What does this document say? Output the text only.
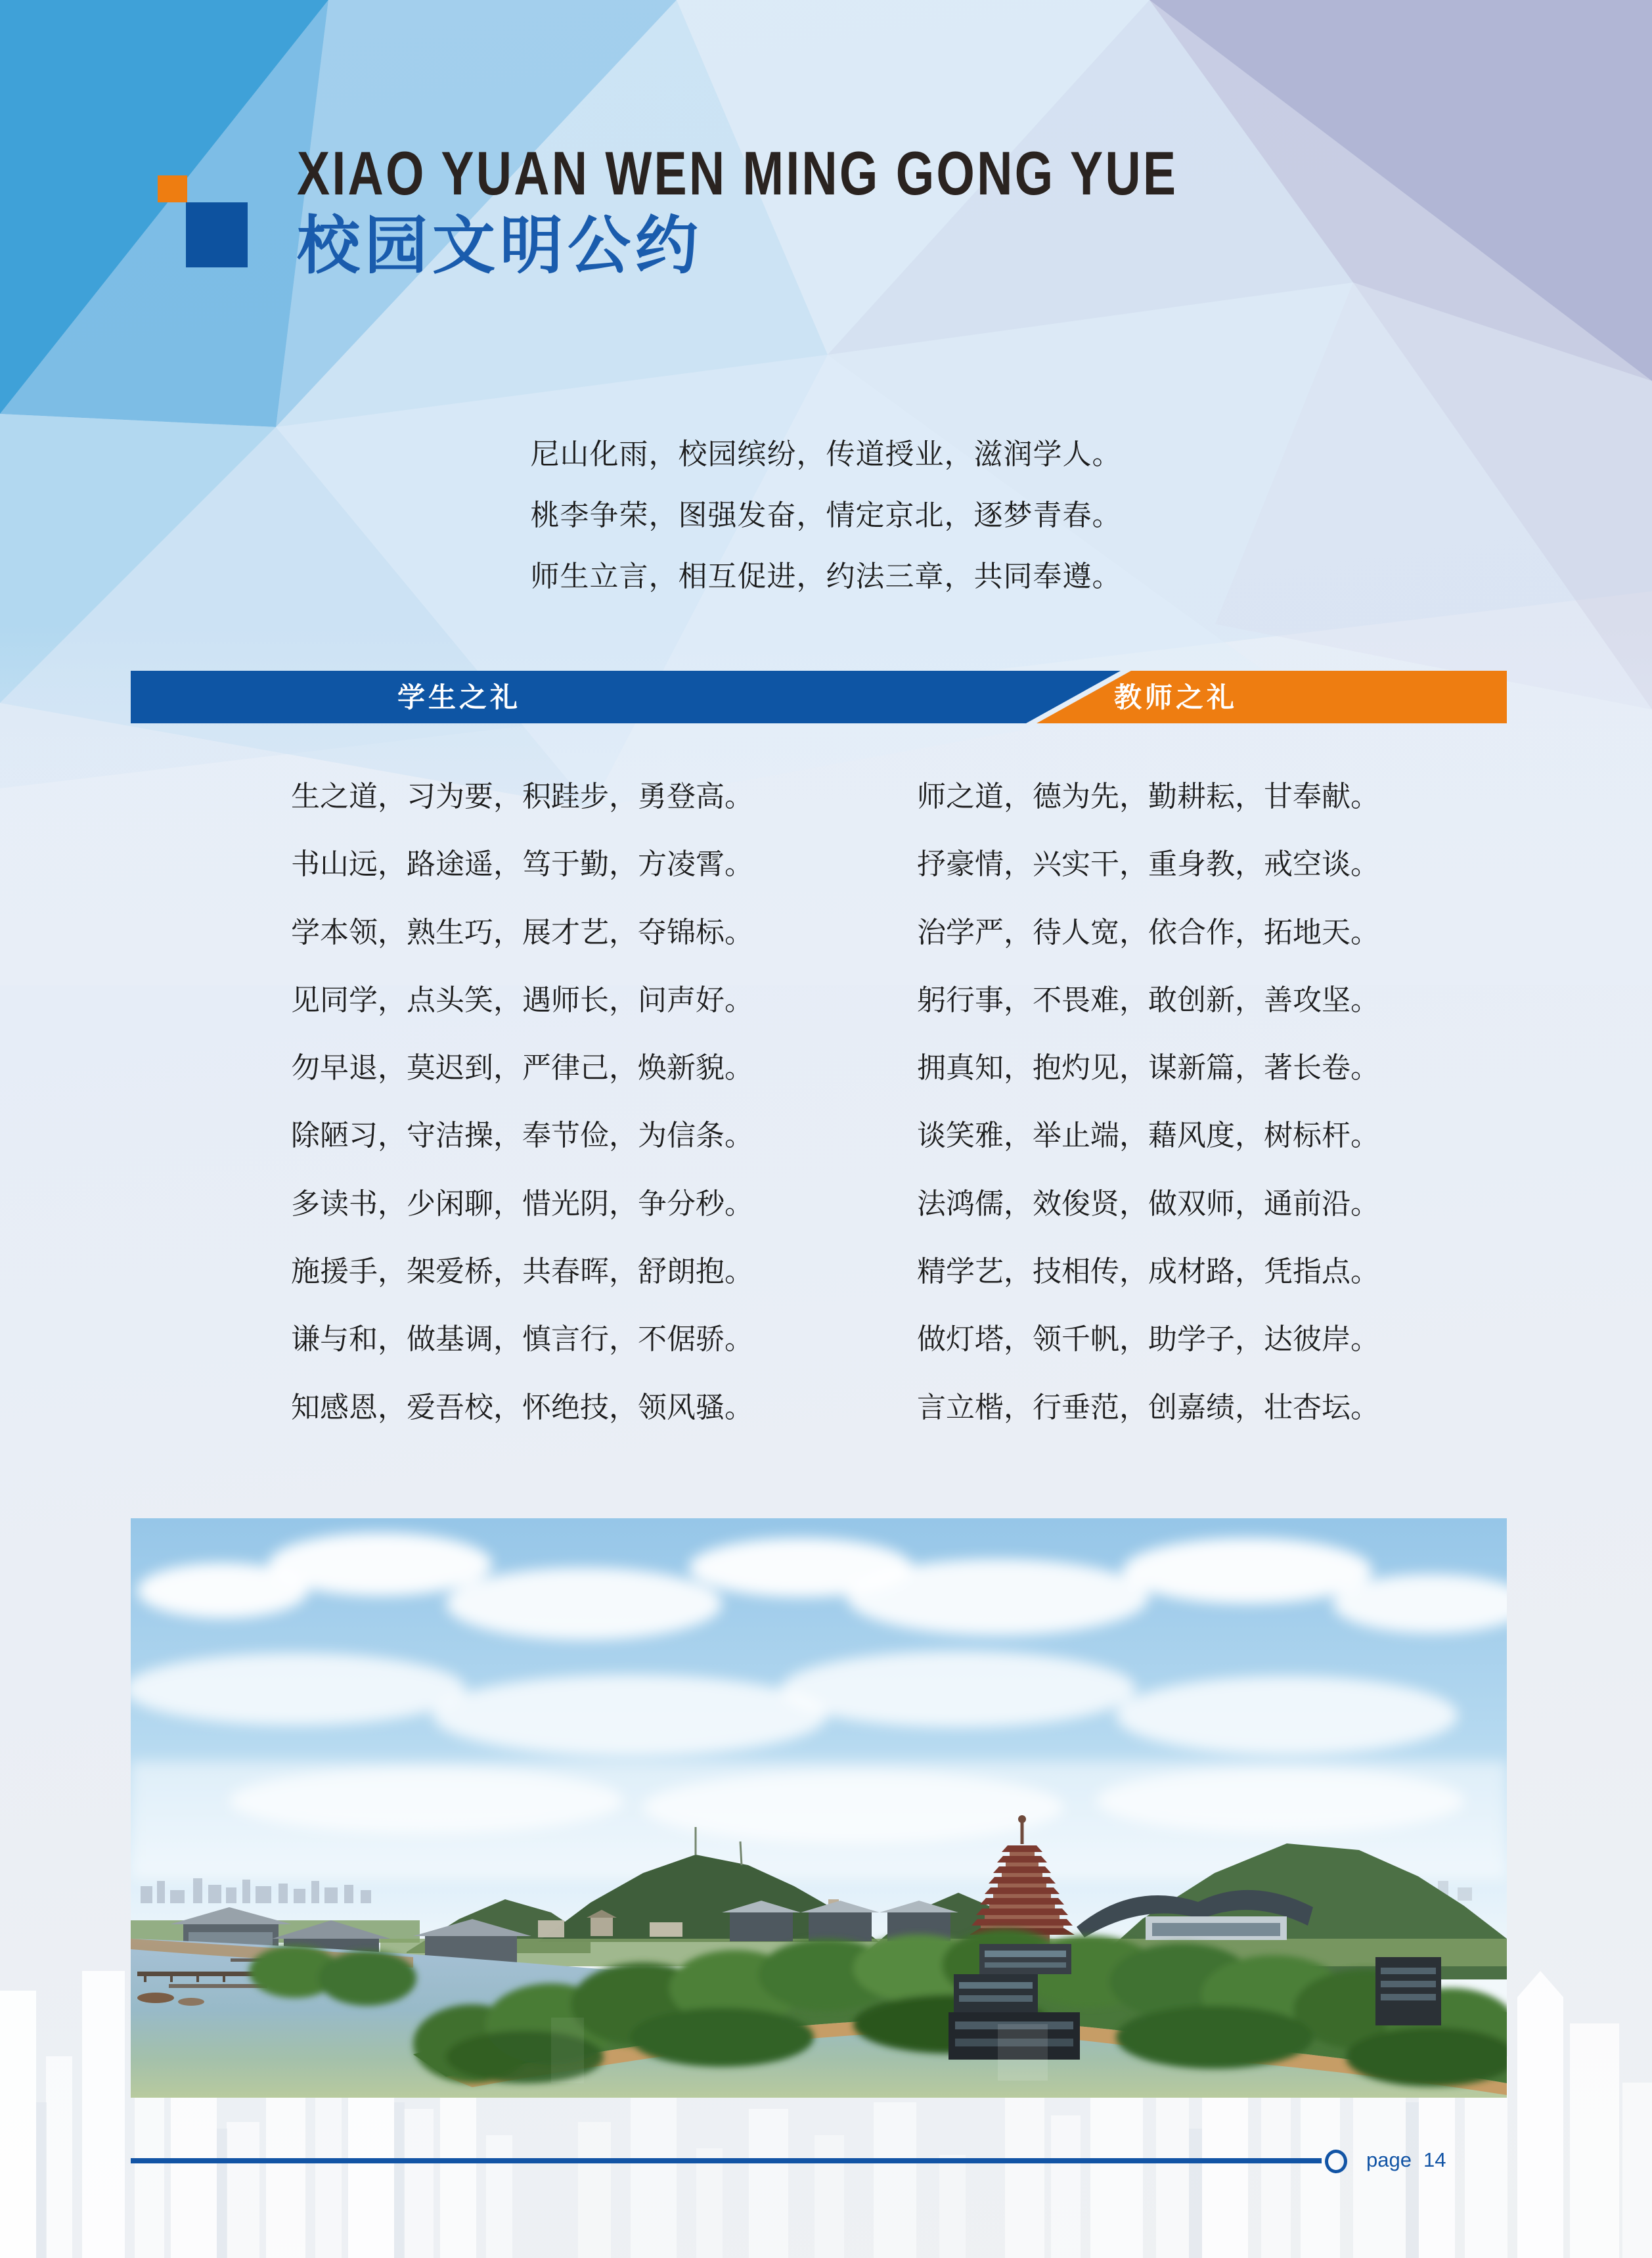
XIAO YUAN WEN MING GONG YUE
校园文明公约
尼山化雨，校园缤纷，传道授业，滋润学人。
桃李争荣，图强发奋，情定京北，逐梦青春。
师生立言，相互促进，约法三章，共同奉遵。
学生之礼	教师之礼
生之道，习为要，积跬步，勇登高。
书山远，路途遥，笃于勤，方凌霄。
学本领，熟生巧，展才艺，夺锦标。
见同学，点头笑，遇师长，问声好。
勿早退，莫迟到，严律己，焕新貌。
除陋习，守洁操，奉节俭，为信条。
多读书，少闲聊，惜光阴，争分秒。
施援手，架爱桥，共春晖，舒朗抱。
谦与和，做基调，慎言行，不倨骄。
知感恩，爱吾校，怀绝技，领风骚。
师之道，德为先，勤耕耘，甘奉献。
抒豪情，兴实干，重身教，戒空谈。
治学严，待人宽，依合作，拓地天。
躬行事，不畏难，敢创新，善攻坚。
拥真知，抱灼见，谋新篇，著长卷。
谈笑雅，举止端，藉风度，树标杆。
法鸿儒，效俊贤，做双师，通前沿。
精学艺，技相传，成材路，凭指点。
做灯塔，领千帆，助学子，达彼岸。
言立楷，行垂范，创嘉绩，壮杏坛。
page 14
